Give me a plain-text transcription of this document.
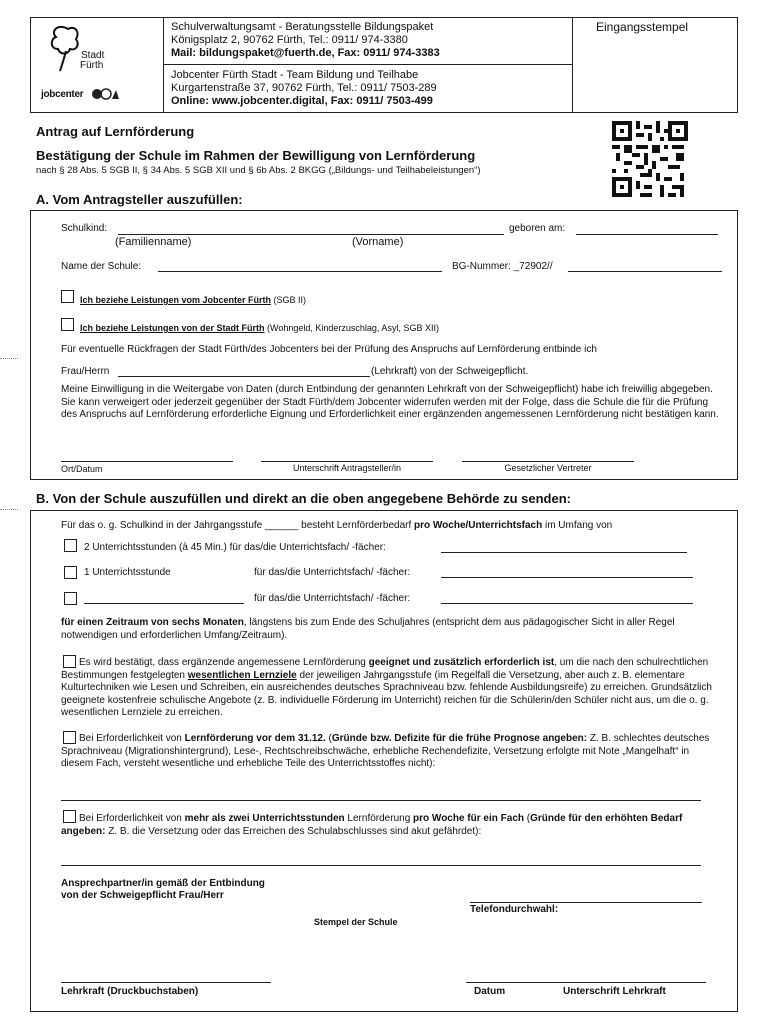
Stadt
Fürth
jobcenter
Schulverwaltungsamt - Beratungsstelle Bildungspaket
Königsplatz 2, 90762 Fürth, Tel.: 0911/ 974-3380
Mail: bildungspaket@fuerth.de, Fax: 0911/ 974-3383
Jobcenter Fürth Stadt - Team Bildung und Teilhabe
Kurgartenstraße 37, 90762 Fürth, Tel.: 0911/ 7503-289
Online: www.jobcenter.digital, Fax: 0911/ 7503-499
Eingangsstempel
Antrag auf Lernförderung
Bestätigung der Schule im Rahmen der Bewilligung von Lernförderung
nach § 28 Abs. 5 SGB II, § 34 Abs. 5 SGB XII und § 6b Abs. 2 BKGG („Bildungs- und Teilhabeleistungen“)
A. Vom Antragsteller auszufüllen:
Schulkind:	geboren am:
(Familienname)	(Vorname)
Name der Schule:	BG-Nummer: _72902//
Ich beziehe Leistungen vom Jobcenter Fürth (SGB II)
Ich beziehe Leistungen von der Stadt Fürth (Wohngeld, Kinderzuschlag, Asyl, SGB XII)
Für eventuelle Rückfragen der Stadt Fürth/des Jobcenters bei der Prüfung des Anspruchs auf Lernförderung entbinde ich
Frau/Herrn	(Lehrkraft) von der Schweigepflicht.
Meine Einwilligung in die Weitergabe von Daten (durch Entbindung der genannten Lehrkraft von der Schweigepflicht) habe ich freiwillig abgegeben. Sie kann verweigert oder jederzeit gegenüber der Stadt Fürth/dem Jobcenter widerrufen werden mit der Folge, dass die Schule die für die Prüfung des Anspruchs auf Lernförderung erforderliche Eignung und Erforderlichkeit einer ergänzenden angemessenen Lernförderung nicht bestätigen kann.
Ort/Datum	Unterschrift Antragsteller/in	Gesetzlicher Vertreter
B. Von der Schule auszufüllen und direkt an die oben angegebene Behörde zu senden:
Für das o. g. Schulkind in der Jahrgangsstufe ______ besteht Lernförderbedarf pro Woche/Unterrichtsfach im Umfang von
2 Unterrichtsstunden (à 45 Min.) für das/die Unterrichtsfach/ -fächer:
1 Unterrichtsstunde	für das/die Unterrichtsfach/ -fächer:
für das/die Unterrichtsfach/ -fächer:
für einen Zeitraum von sechs Monaten, längstens bis zum Ende des Schuljahres (entspricht dem aus pädagogischer Sicht in aller Regel notwendigen und erforderlichen Umfang/Zeitraum).
Es wird bestätigt, dass ergänzende angemessene Lernförderung geeignet und zusätzlich erforderlich ist, um die nach den schulrechtlichen Bestimmungen festgelegten wesentlichen Lernziele der jeweiligen Jahrgangsstufe (im Regelfall die Versetzung, aber auch z. B. elementare Kulturtechniken wie Lesen und Schreiben, ein ausreichendes deutsches Sprachniveau bzw. fehlende Ausbildungsreife) zu erreichen. Grundsätzlich geeignete kostenfreie schulische Angebote (z. B. individuelle Förderung im Unterricht) reichen für die Schülerin/den Schüler nicht aus, um die o. g. wesentlichen Lernziele zu erreichen.
Bei Erforderlichkeit von Lernförderung vor dem 31.12. (Gründe bzw. Defizite für die frühe Prognose angeben: Z. B. schlechtes deutsches Sprachniveau (Migrationshintergrund), Lese-, Rechtschreibschwäche, erhebliche Rechendefizite, Versetzung erfolgte mit Note „Mangelhaft“ in diesem Fach, versteht wesentliche und erhebliche Teile des Unterrichtsstoffes nicht):
Bei Erforderlichkeit von mehr als zwei Unterrichtsstunden Lernförderung pro Woche für ein Fach (Gründe für den erhöhten Bedarf angeben: Z. B. die Versetzung oder das Erreichen des Schulabschlusses sind akut gefährdet):
Ansprechpartner/in gemäß der Entbindung
von der Schweigepflicht Frau/Herr
Telefondurchwahl:
Stempel der Schule
Lehrkraft (Druckbuchstaben)	Datum	Unterschrift Lehrkraft
